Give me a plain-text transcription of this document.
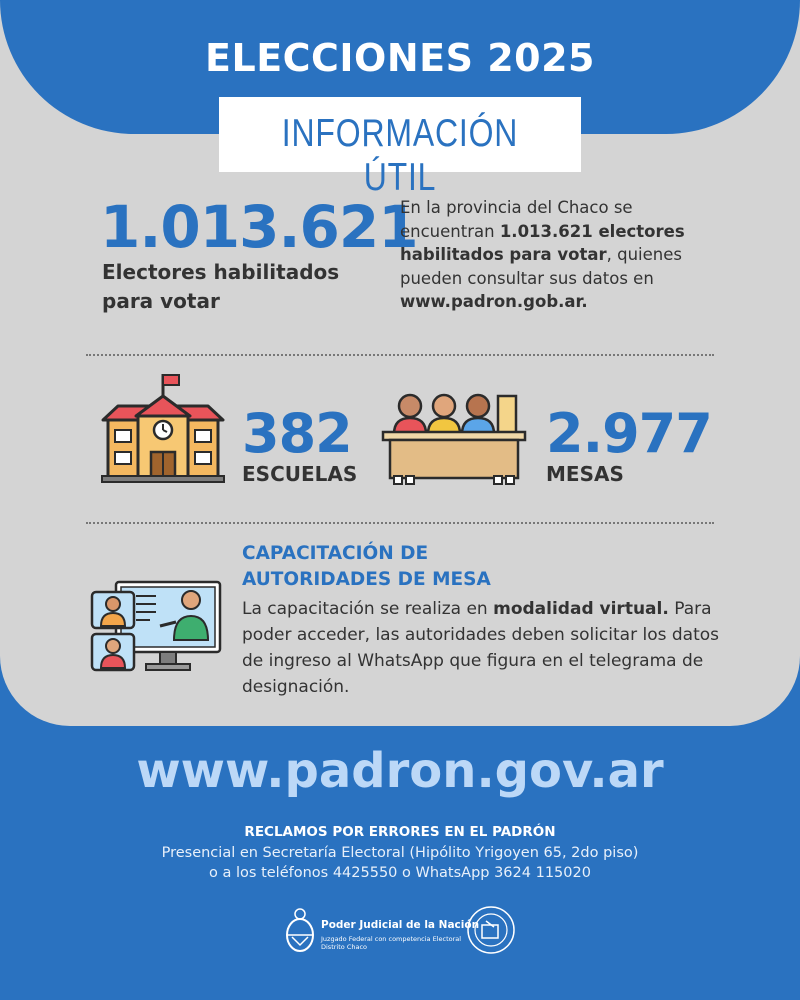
ELECCIONES 2025
INFORMACIÓN ÚTIL
1.013.621
Electores habilitados
para votar
En la provincia del Chaco se encuentran 1.013.621 electores habilitados para votar, quienes pueden consultar sus datos en www.padron.gob.ar.
382
ESCUELAS
2.977
MESAS
CAPACITACIÓN DE
AUTORIDADES DE MESA
La capacitación se realiza en modalidad virtual. Para poder acceder, las autoridades deben solicitar los datos de ingreso al WhatsApp que figura en el telegrama de designación.
www.padron.gov.ar
RECLAMOS POR ERRORES EN EL PADRÓN
Presencial en Secretaría Electoral (Hipólito Yrigoyen 65, 2do piso)
o a los teléfonos 4425550 o WhatsApp 3624 115020
Poder Judicial de la Nación
Juzgado Federal con competencia Electoral Distrito Chaco
